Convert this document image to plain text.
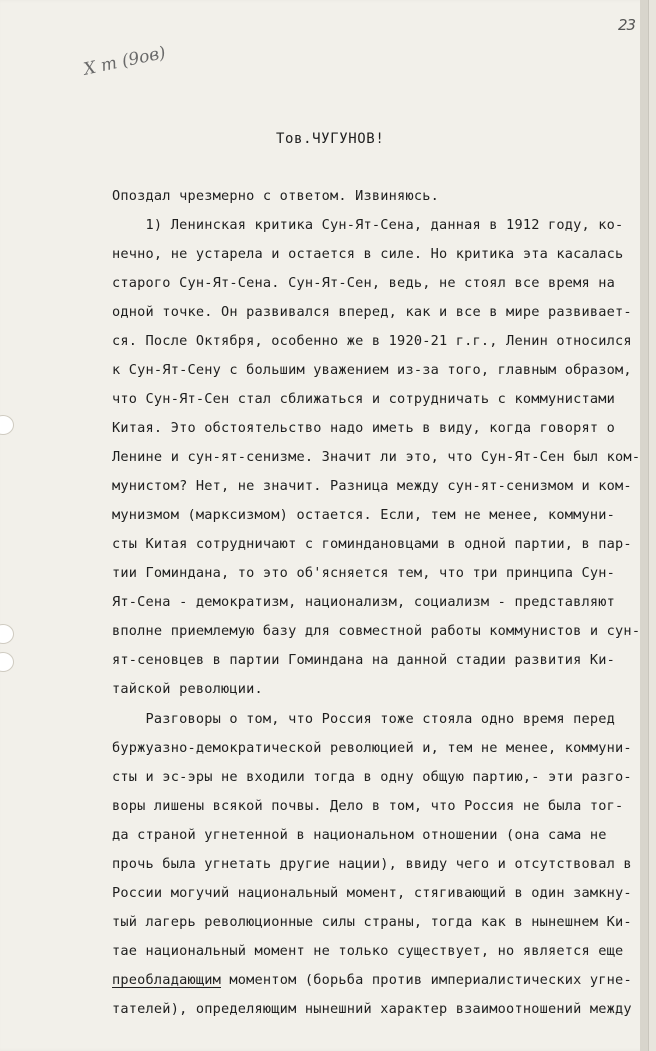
23
X т (9ов)
Тов.ЧУГУНОВ!
Опоздал чрезмерно с ответом. Извиняюсь.
1) Ленинская критика Сун-Ят-Сена, данная в 1912 году, ко-
нечно, не устарела и остается в силе. Но критика эта касалась
старого Сун-Ят-Сена. Сун-Ят-Сен, ведь, не стоял все время на
одной точке. Он развивался вперед, как и все в мире развивает-
ся. После Октября, особенно же в 1920-21 г.г., Ленин относился
к Сун-Ят-Сену с большим уважением из-за того, главным образом,
что Сун-Ят-Сен стал сближаться и сотрудничать с коммунистами
Китая. Это обстоятельство надо иметь в виду, когда говорят о
Ленине и сун-ят-сенизме. Значит ли это, что Сун-Ят-Сен был ком-
мунистом? Нет, не значит. Разница между сун-ят-сенизмом и ком-
мунизмом (марксизмом) остается. Если, тем не менее, коммуни-
сты Китая сотрудничают с гоминдановцами в одной партии, в пар-
тии Гоминдана, то это об'ясняется тем, что три принципа Сун-
Ят-Сена - демократизм, национализм, социализм - представляют
вполне приемлемую базу для совместной работы коммунистов и сун-
ят-сеновцев в партии Гоминдана на данной стадии развития Ки-
тайской революции.
Разговоры о том, что Россия тоже стояла одно время перед
буржуазно-демократической революцией и, тем не менее, коммуни-
сты и эс-эры не входили тогда в одну общую партию,- эти разго-
воры лишены всякой почвы. Дело в том, что Россия не была тог-
да страной угнетенной в национальном отношении (она сама не
прочь была угнетать другие нации), ввиду чего и отсутствовал в
России могучий национальный момент, стягивающий в один замкну-
тый лагерь революционные силы страны, тогда как в нынешнем Ки-
тае национальный момент не только существует, но является еще
преобладающим моментом (борьба против империалистических угне-
тателей), определяющим нынешний характер взаимоотношений между
